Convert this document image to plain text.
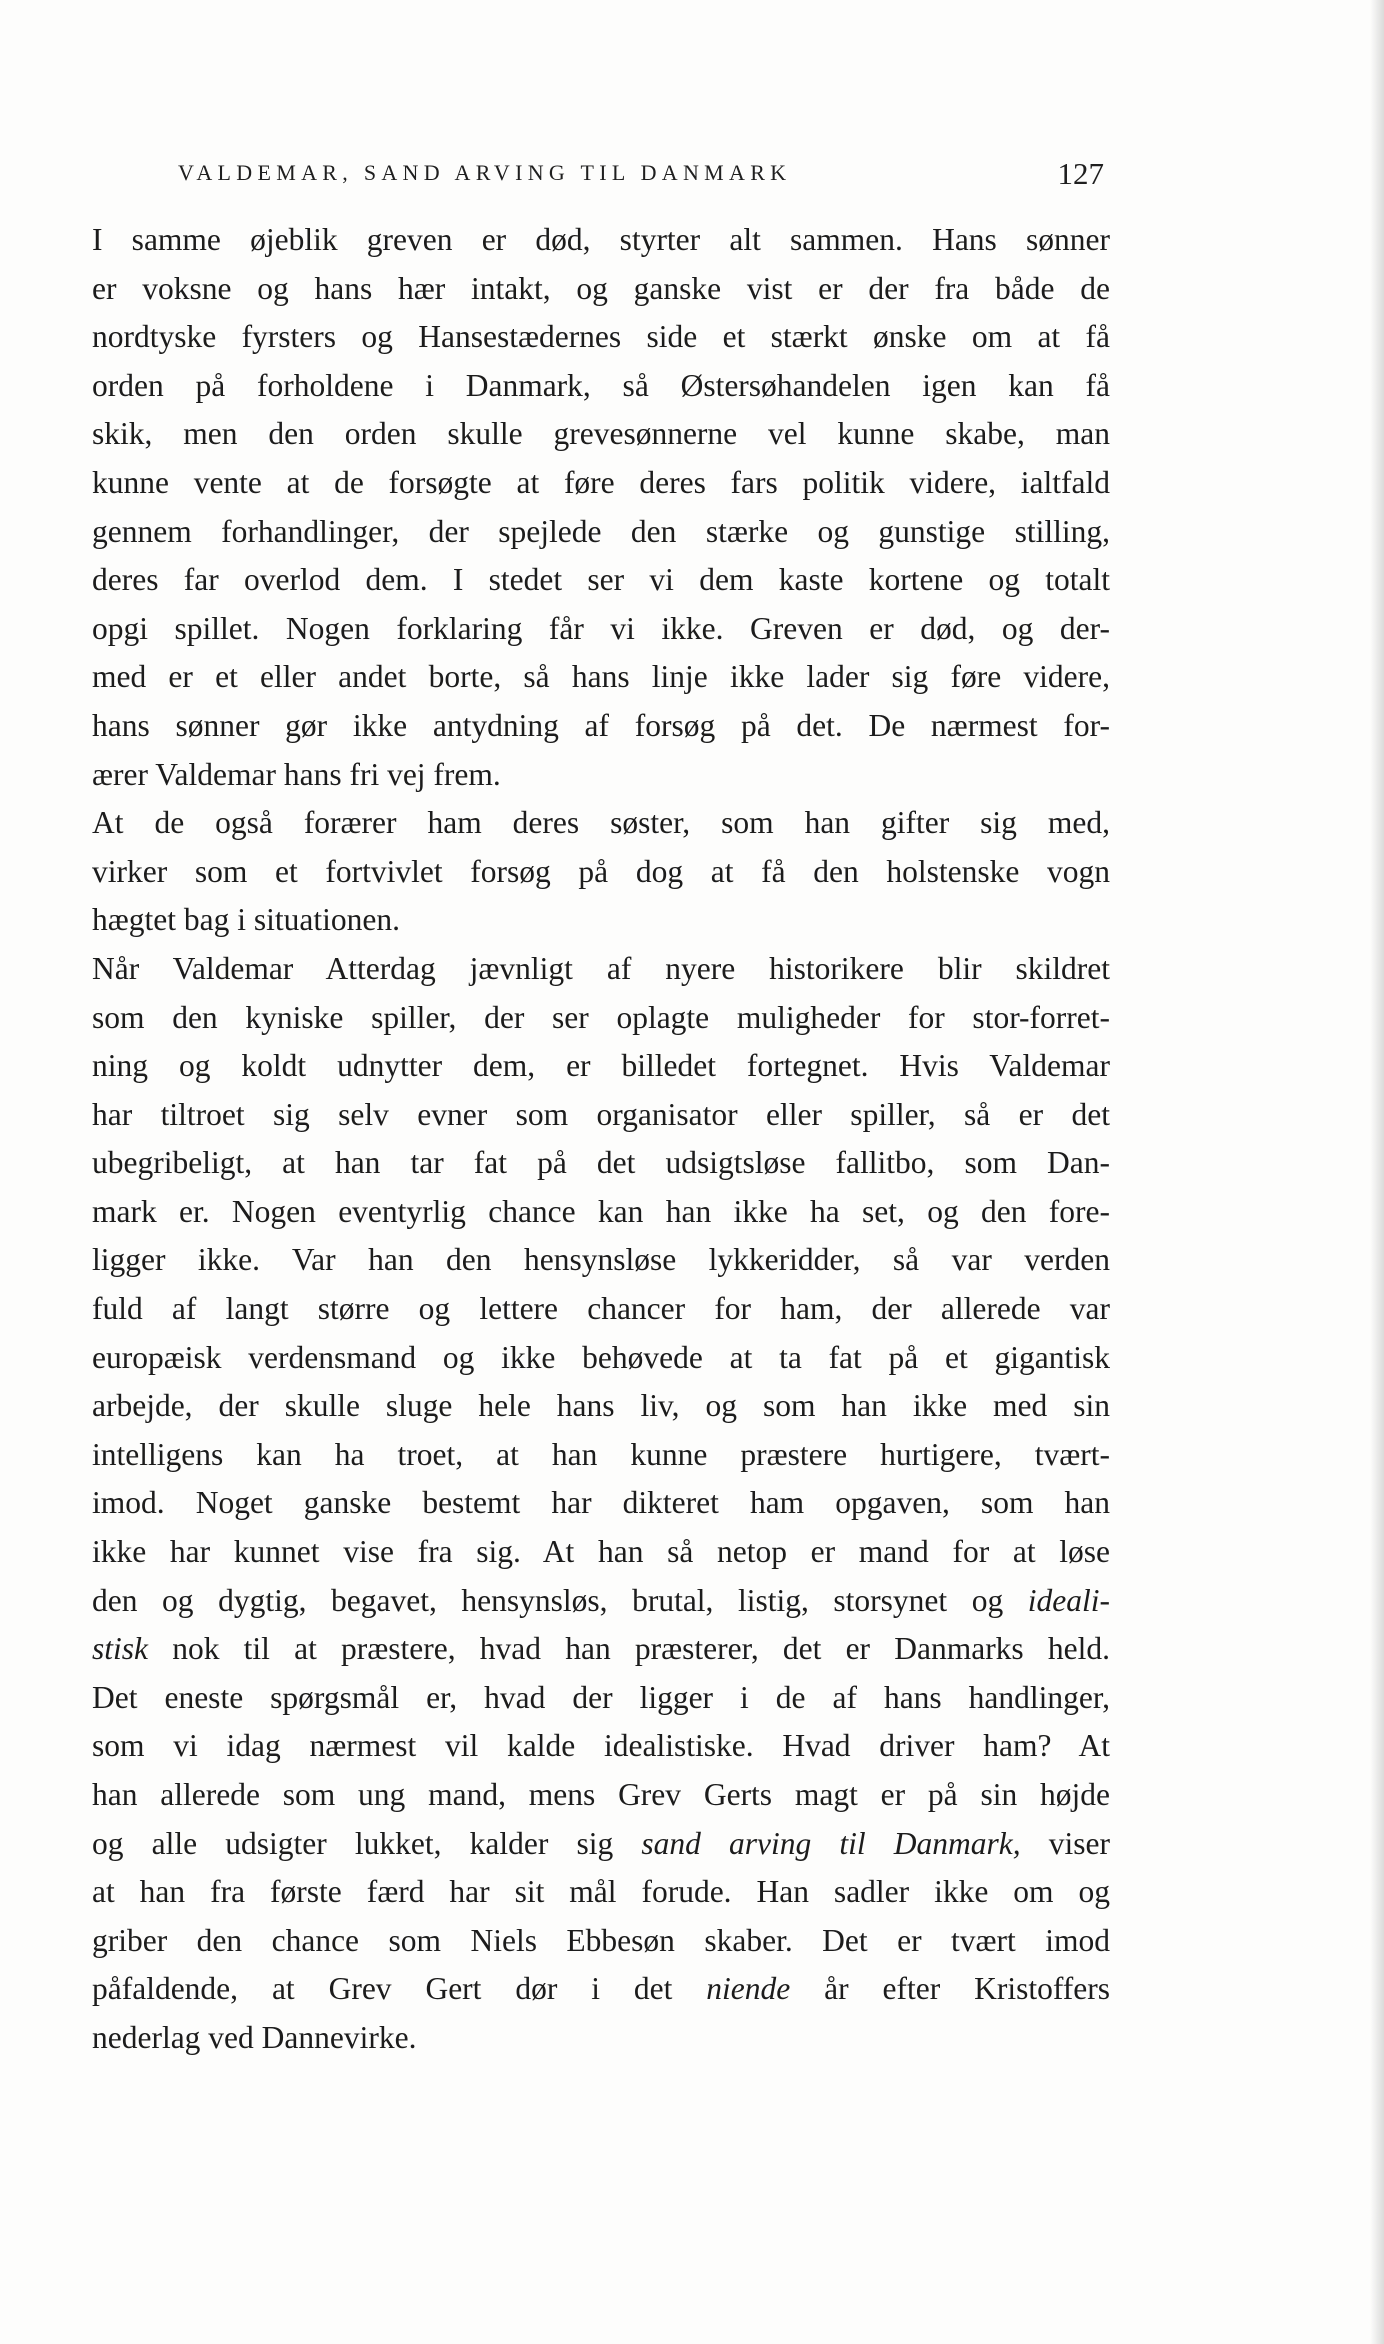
VALDEMAR, SAND ARVING TIL DANMARK	127
I samme øjeblik greven er død, styrter alt sammen. Hans sønner
er voksne og hans hær intakt, og ganske vist er der fra både de
nordtyske fyrsters og Hansestædernes side et stærkt ønske om at få
orden på forholdene i Danmark, så Østersøhandelen igen kan få
skik, men den orden skulle grevesønnerne vel kunne skabe, man
kunne vente at de forsøgte at føre deres fars politik videre, ialtfald
gennem forhandlinger, der spejlede den stærke og gunstige stilling,
deres far overlod dem. I stedet ser vi dem kaste kortene og totalt
opgi spillet. Nogen forklaring får vi ikke. Greven er død, og der-
med er et eller andet borte, så hans linje ikke lader sig føre videre,
hans sønner gør ikke antydning af forsøg på det. De nærmest for-
ærer Valdemar hans fri vej frem.
At de også forærer ham deres søster, som han gifter sig med,
virker som et fortvivlet forsøg på dog at få den holstenske vogn
hægtet bag i situationen.
Når Valdemar Atterdag jævnligt af nyere historikere blir skildret
som den kyniske spiller, der ser oplagte muligheder for stor-forret-
ning og koldt udnytter dem, er billedet fortegnet. Hvis Valdemar
har tiltroet sig selv evner som organisator eller spiller, så er det
ubegribeligt, at han tar fat på det udsigtsløse fallitbo, som Dan-
mark er. Nogen eventyrlig chance kan han ikke ha set, og den fore-
ligger ikke. Var han den hensynsløse lykkeridder, så var verden
fuld af langt større og lettere chancer for ham, der allerede var
europæisk verdensmand og ikke behøvede at ta fat på et gigantisk
arbejde, der skulle sluge hele hans liv, og som han ikke med sin
intelligens kan ha troet, at han kunne præstere hurtigere, tvært-
imod. Noget ganske bestemt har dikteret ham opgaven, som han
ikke har kunnet vise fra sig. At han så netop er mand for at løse
den og dygtig, begavet, hensynsløs, brutal, listig, storsynet og ideali-
stisk nok til at præstere, hvad han præsterer, det er Danmarks held.
Det eneste spørgsmål er, hvad der ligger i de af hans handlinger,
som vi idag nærmest vil kalde idealistiske. Hvad driver ham? At
han allerede som ung mand, mens Grev Gerts magt er på sin højde
og alle udsigter lukket, kalder sig sand arving til Danmark, viser
at han fra første færd har sit mål forude. Han sadler ikke om og
griber den chance som Niels Ebbesøn skaber. Det er tvært imod
påfaldende, at Grev Gert dør i det niende år efter Kristoffers
nederlag ved Dannevirke.
